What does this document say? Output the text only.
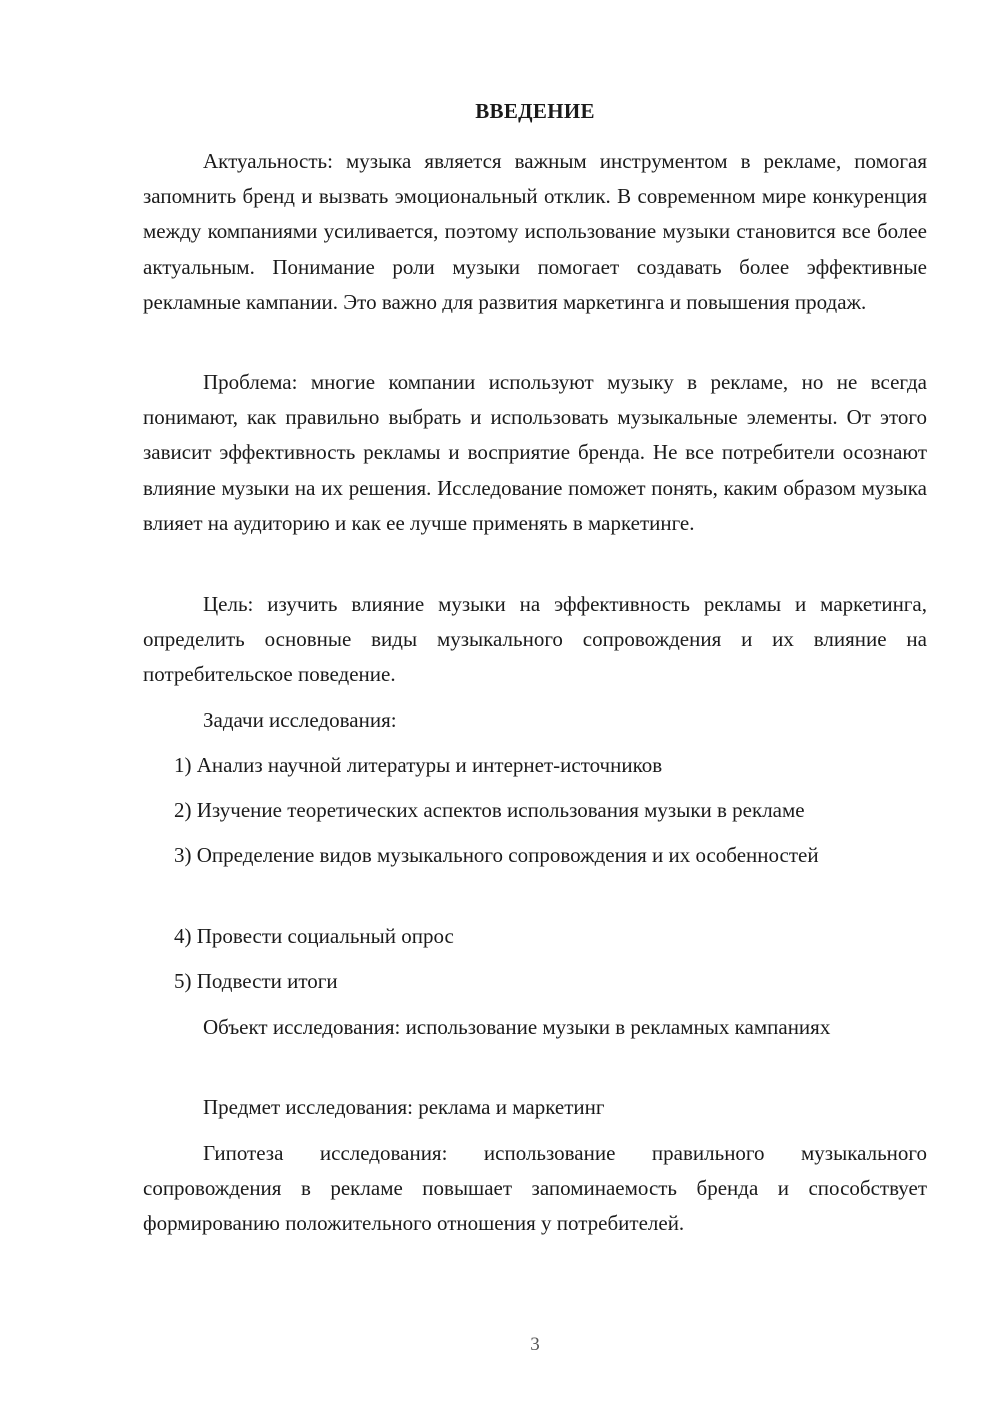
ВВЕДЕНИЕ

Актуальность: музыка является важным инструментом в рекламе, помогая запомнить бренд и вызвать эмоциональный отклик. В современном мире конкуренция между компаниями усиливается, поэтому использование музыки становится все более актуальным. Понимание роли музыки помогает создавать более эффективные рекламные кампании. Это важно для развития маркетинга и повышения продаж.

Проблема: многие компании используют музыку в рекламе, но не всегда понимают, как правильно выбрать и использовать музыкальные элементы. От этого зависит эффективность рекламы и восприятие бренда. Не все потребители осознают влияние музыки на их решения. Исследование поможет понять, каким образом музыка влияет на аудиторию и как ее лучше применять в маркетинге.

Цель: изучить влияние музыки на эффективность рекламы и маркетинга, определить основные виды музыкального сопровождения и их влияние на потребительское поведение.

Задачи исследования:

1) Анализ научной литературы и интернет-источников

2) Изучение теоретических аспектов использования музыки в рекламе

3) Определение видов музыкального сопровождения и их особенностей

4) Провести социальный опрос

5) Подвести итоги

Объект исследования: использование музыки в рекламных кампаниях

Предмет исследования: реклама и маркетинг

Гипотеза исследования: использование правильного музыкального сопровождения в рекламе повышает запоминаемость бренда и способствует формированию положительного отношения у потребителей.

3
